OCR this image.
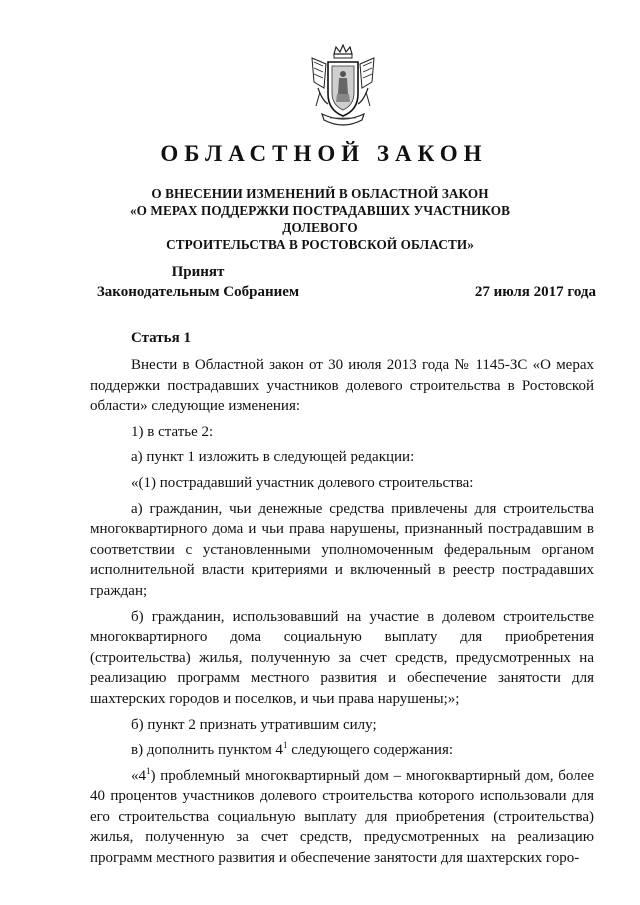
ОБЛАСТНОЙ ЗАКОН
О ВНЕСЕНИИ ИЗМЕНЕНИЙ В ОБЛАСТНОЙ ЗАКОН
«О МЕРАХ ПОДДЕРЖКИ ПОСТРАДАВШИХ УЧАСТНИКОВ ДОЛЕВОГО
СТРОИТЕЛЬСТВА В РОСТОВСКОЙ ОБЛАСТИ»
Принят
Законодательным Собранием	27 июля 2017 года
Статья 1

Внести в Областной закон от 30 июля 2013 года № 1145-ЗС «О мерах поддержки пострадавших участников долевого строительства в Ростовской области» следующие изменения:

1) в статье 2:

а) пункт 1 изложить в следующей редакции:

«(1) пострадавший участник долевого строительства:

а) гражданин, чьи денежные средства привлечены для строительства многоквартирного дома и чьи права нарушены, признанный пострадавшим в соответствии с установленными уполномоченным федеральным органом исполнительной власти критериями и включенный в реестр пострадавших граждан;

б) гражданин, использовавший на участие в долевом строительстве многоквартирного дома социальную выплату для приобретения (строительства) жилья, полученную за счет средств, предусмотренных на реализацию программ местного развития и обеспечение занятости для шахтерских городов и поселков, и чьи права нарушены;»;

б) пункт 2 признать утратившим силу;

в) дополнить пунктом $4^1$ следующего содержания:

«$4^1$) проблемный многоквартирный дом – многоквартирный дом, более 40 процентов участников долевого строительства которого использовали для его строительства социальную выплату для приобретения (строительства) жилья, полученную за счет средств, предусмотренных на реализацию программ местного развития и обеспечение занятости для шахтерских горо-
